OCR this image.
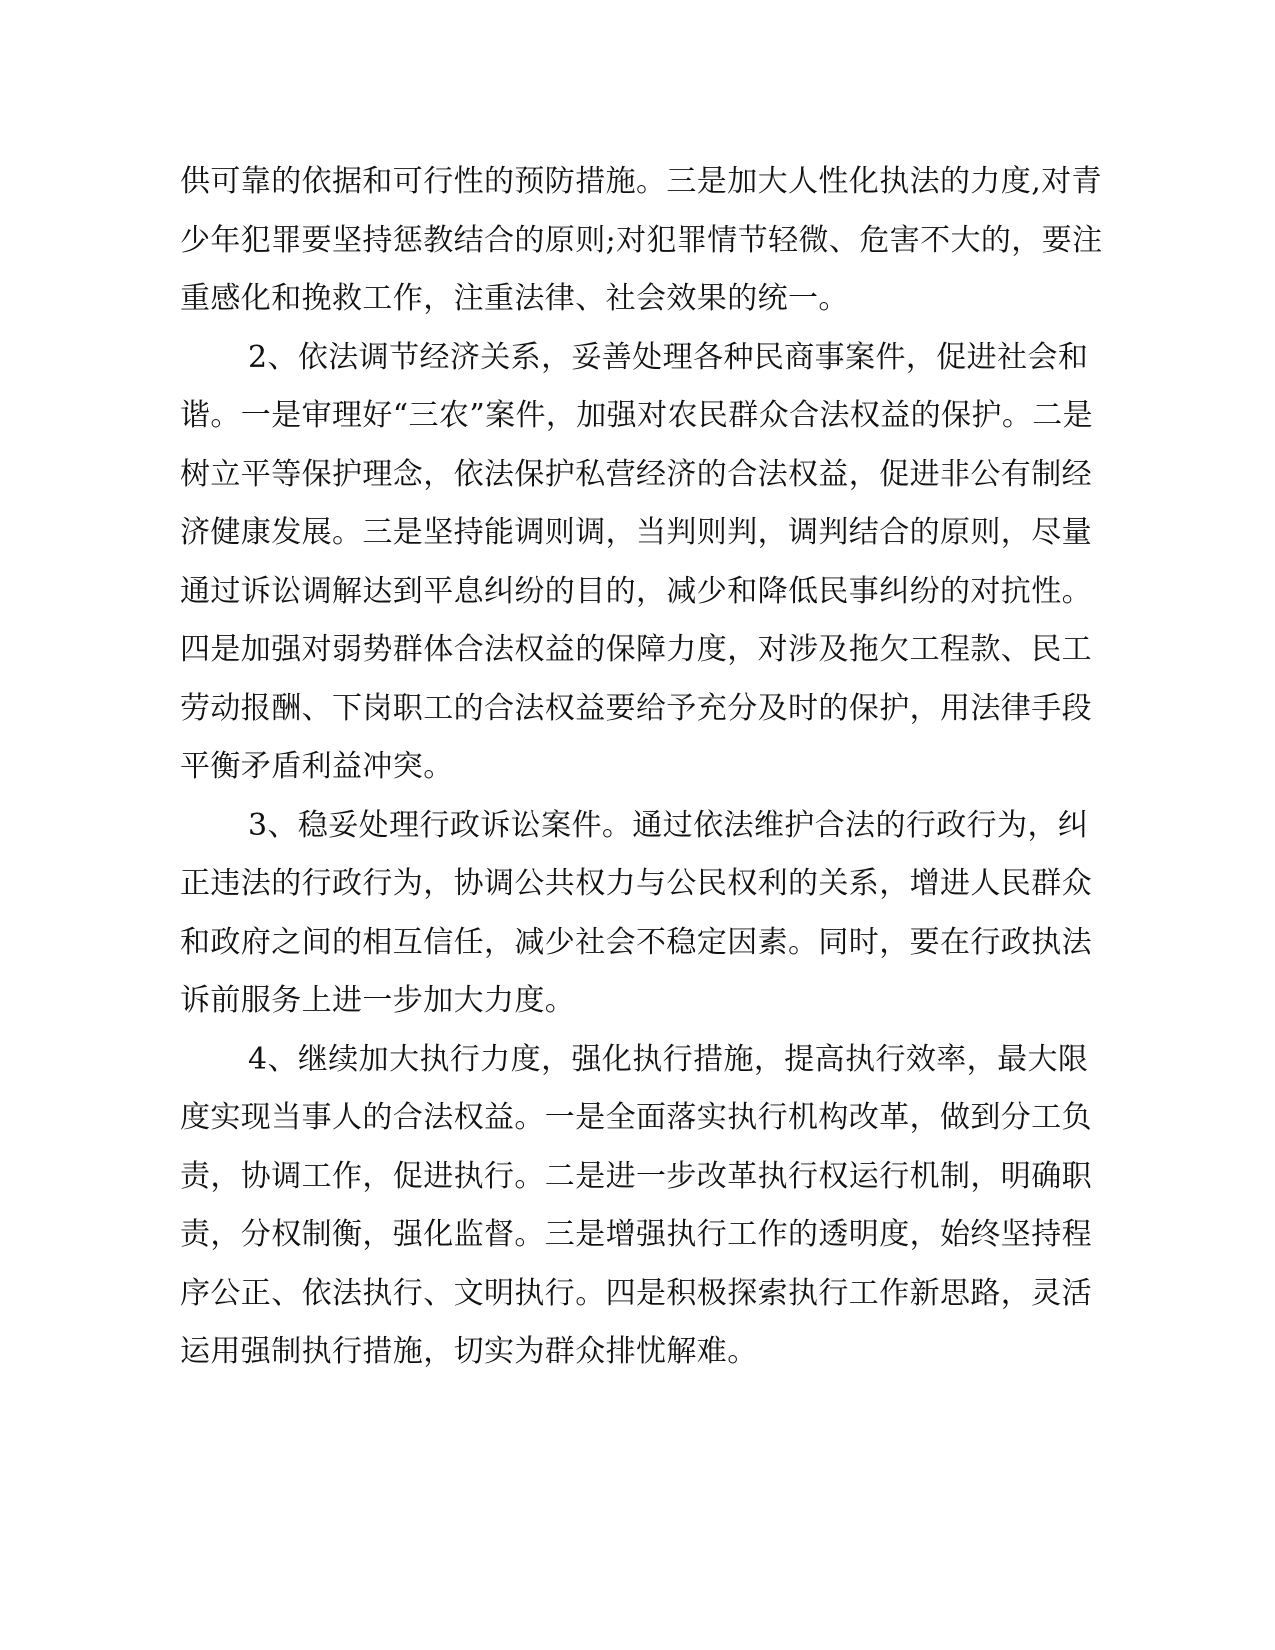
供可靠的依据和可行性的预防措施。三是加大人性化执法的力度,对青
少年犯罪要坚持惩教结合的原则;对犯罪情节轻微、危害不大的，要注
重感化和挽救工作，注重法律、社会效果的统一。
2、依法调节经济关系，妥善处理各种民商事案件，促进社会和
谐。一是审理好“三农”案件，加强对农民群众合法权益的保护。二是
树立平等保护理念，依法保护私营经济的合法权益，促进非公有制经
济健康发展。三是坚持能调则调，当判则判，调判结合的原则，尽量
通过诉讼调解达到平息纠纷的目的，减少和降低民事纠纷的对抗性。
四是加强对弱势群体合法权益的保障力度，对涉及拖欠工程款、民工
劳动报酬、下岗职工的合法权益要给予充分及时的保护，用法律手段
平衡矛盾利益冲突。
3、稳妥处理行政诉讼案件。通过依法维护合法的行政行为，纠
正违法的行政行为，协调公共权力与公民权利的关系，增进人民群众
和政府之间的相互信任，减少社会不稳定因素。同时，要在行政执法
诉前服务上进一步加大力度。
4、继续加大执行力度，强化执行措施，提高执行效率，最大限
度实现当事人的合法权益。一是全面落实执行机构改革，做到分工负
责，协调工作，促进执行。二是进一步改革执行权运行机制，明确职
责，分权制衡，强化监督。三是增强执行工作的透明度，始终坚持程
序公正、依法执行、文明执行。四是积极探索执行工作新思路，灵活
运用强制执行措施，切实为群众排忧解难。
